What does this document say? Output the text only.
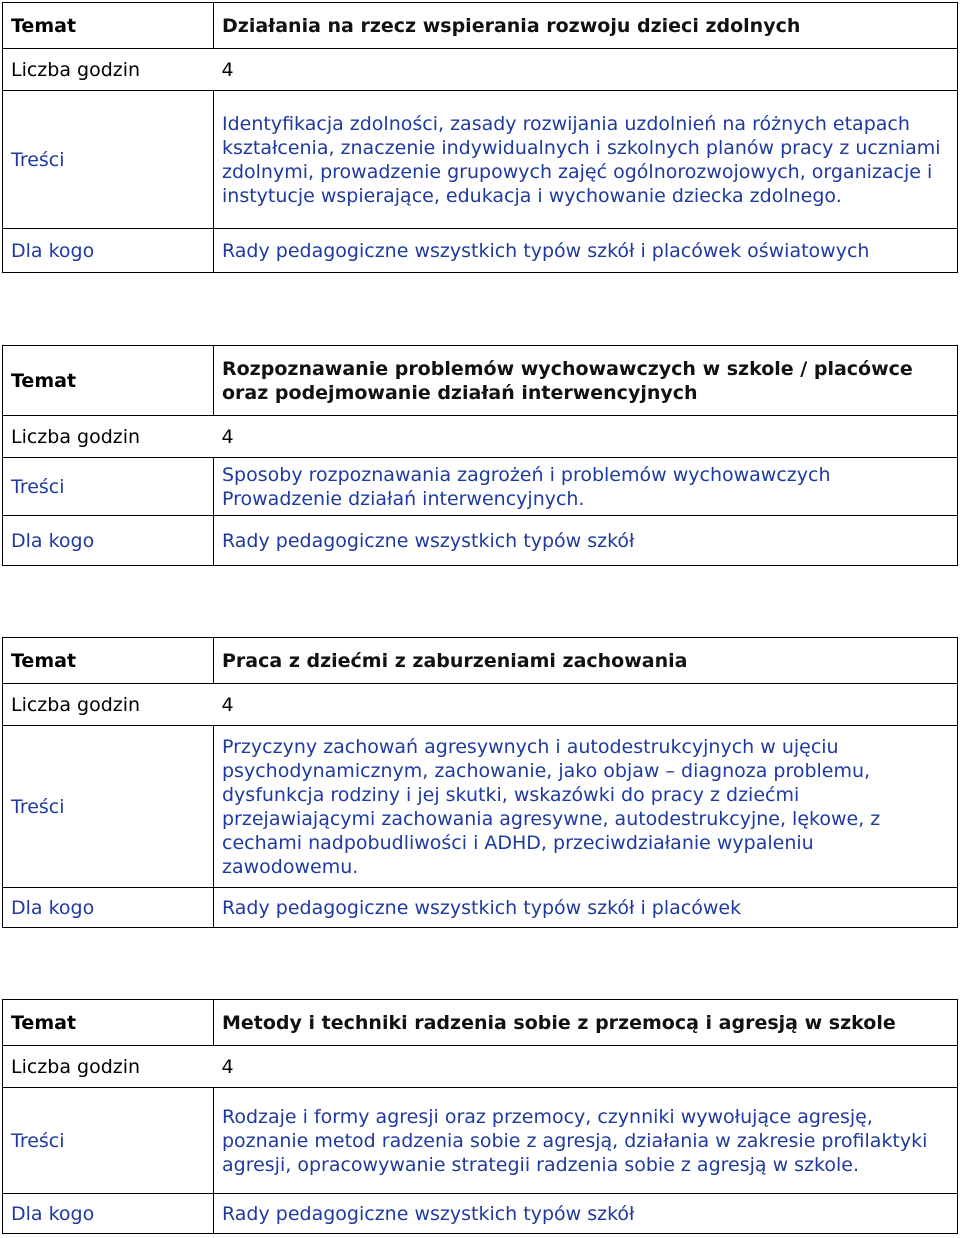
Temat	Działania na rzecz wspierania rozwoju dzieci zdolnych
Liczba godzin	4
Treści	Identyfikacja zdolności, zasady rozwijania uzdolnień na różnych etapach kształcenia, znaczenie indywidualnych i szkolnych planów pracy z uczniami zdolnymi, prowadzenie grupowych zajęć ogólnorozwojowych, organizacje i instytucje wspierające, edukacja i wychowanie dziecka zdolnego.
Dla kogo	Rady pedagogiczne wszystkich typów szkół i placówek oświatowych
Temat	Rozpoznawanie problemów wychowawczych w szkole / placówce oraz podejmowanie działań interwencyjnych
Liczba godzin	4
Treści	Sposoby rozpoznawania zagrożeń i problemów wychowawczych Prowadzenie działań interwencyjnych.
Dla kogo	Rady pedagogiczne wszystkich typów szkół
Temat	Praca z dziećmi z zaburzeniami zachowania
Liczba godzin	4
Treści	Przyczyny zachowań agresywnych i autodestrukcyjnych w ujęciu psychodynamicznym, zachowanie, jako objaw – diagnoza problemu, dysfunkcja rodziny i jej skutki, wskazówki do pracy z dziećmi przejawiającymi zachowania agresywne, autodestrukcyjne, lękowe, z cechami nadpobudliwości i ADHD, przeciwdziałanie wypaleniu zawodowemu.
Dla kogo	Rady pedagogiczne wszystkich typów szkół i placówek
Temat	Metody i techniki radzenia sobie z przemocą i agresją w szkole
Liczba godzin	4
Treści	Rodzaje i formy agresji oraz przemocy, czynniki wywołujące agresję, poznanie metod radzenia sobie z agresją, działania w zakresie profilaktyki agresji, opracowywanie strategii radzenia sobie z agresją w szkole.
Dla kogo	Rady pedagogiczne wszystkich typów szkół
